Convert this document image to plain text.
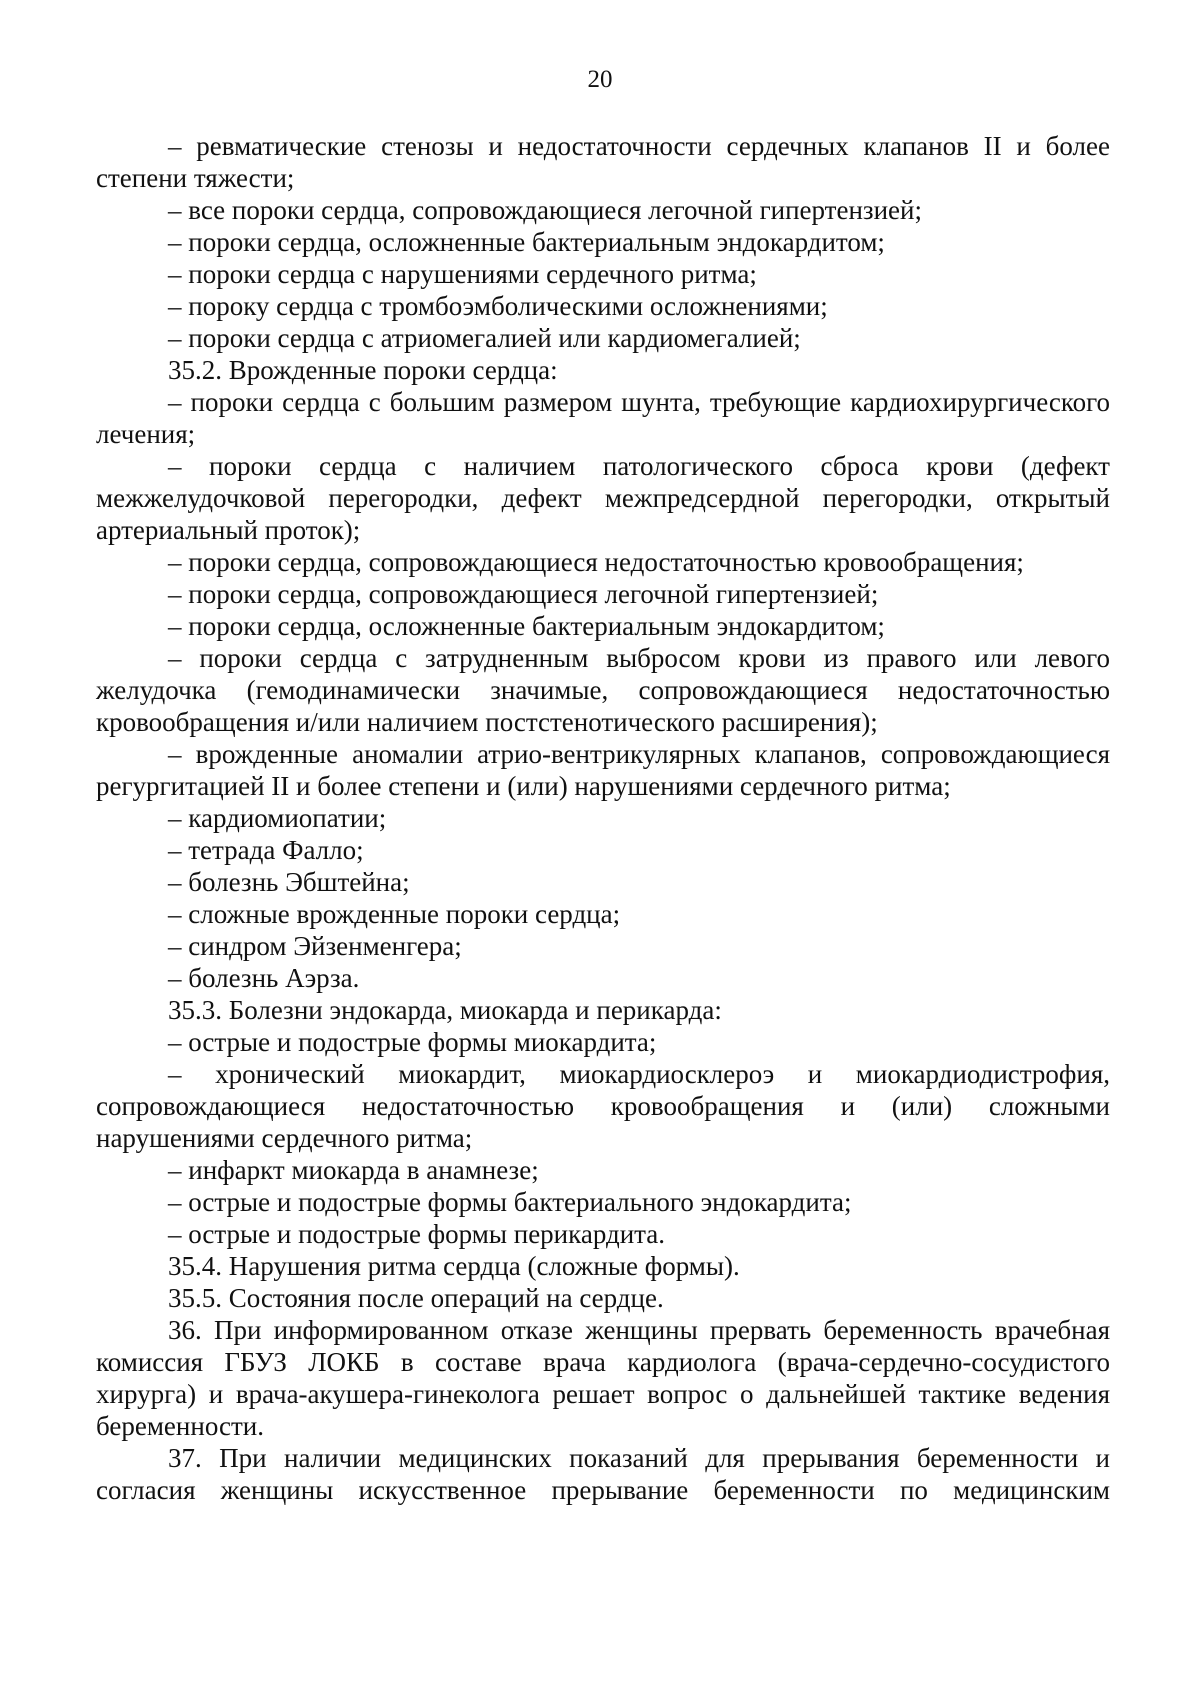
20

– ревматические стенозы и недостаточности сердечных клапанов II и более степени тяжести;

– все пороки сердца, сопровождающиеся легочной гипертензией;

– пороки сердца, осложненные бактериальным эндокардитом;

– пороки сердца с нарушениями сердечного ритма;

– пороку сердца с тромбоэмболическими осложнениями;

– пороки сердца с атриомегалией или кардиомегалией;

35.2. Врожденные пороки сердца:

– пороки сердца с большим размером шунта, требующие кардиохирургического лечения;

– пороки сердца с наличием патологического сброса крови (дефект межжелудочковой перегородки, дефект межпредсердной перегородки, открытый артериальный проток);

– пороки сердца, сопровождающиеся недостаточностью кровообращения;

– пороки сердца, сопровождающиеся легочной гипертензией;

– пороки сердца, осложненные бактериальным эндокардитом;

– пороки сердца с затрудненным выбросом крови из правого или левого желудочка (гемодинамически значимые, сопровождающиеся недостаточностью кровообращения и/или наличием постстенотического расширения);

– врожденные аномалии атрио-вентрикулярных клапанов, сопровождающиеся регургитацией II и более степени и (или) нарушениями сердечного ритма;

– кардиомиопатии;

– тетрада Фалло;

– болезнь Эбштейна;

– сложные врожденные пороки сердца;

– синдром Эйзенменгера;

– болезнь Аэрза.

35.3. Болезни эндокарда, миокарда и перикарда:

– острые и подострые формы миокардита;

– хронический миокардит, миокардиосклероэ и миокардиодистрофия, сопровождающиеся недостаточностью кровообращения и (или) сложными нарушениями сердечного ритма;

– инфаркт миокарда в анамнезе;

– острые и подострые формы бактериального эндокардита;

– острые и подострые формы перикардита.

35.4. Нарушения ритма сердца (сложные формы).

35.5. Состояния после операций на сердце.

36. При информированном отказе женщины прервать беременность врачебная комиссия ГБУЗ ЛОКБ в составе врача кардиолога (врача-сердечно-сосудистого хирурга) и врача-акушера-гинеколога решает вопрос о дальнейшей тактике ведения беременности.

37. При наличии медицинских показаний для прерывания беременности и согласия женщины искусственное прерывание беременности по медицинским
